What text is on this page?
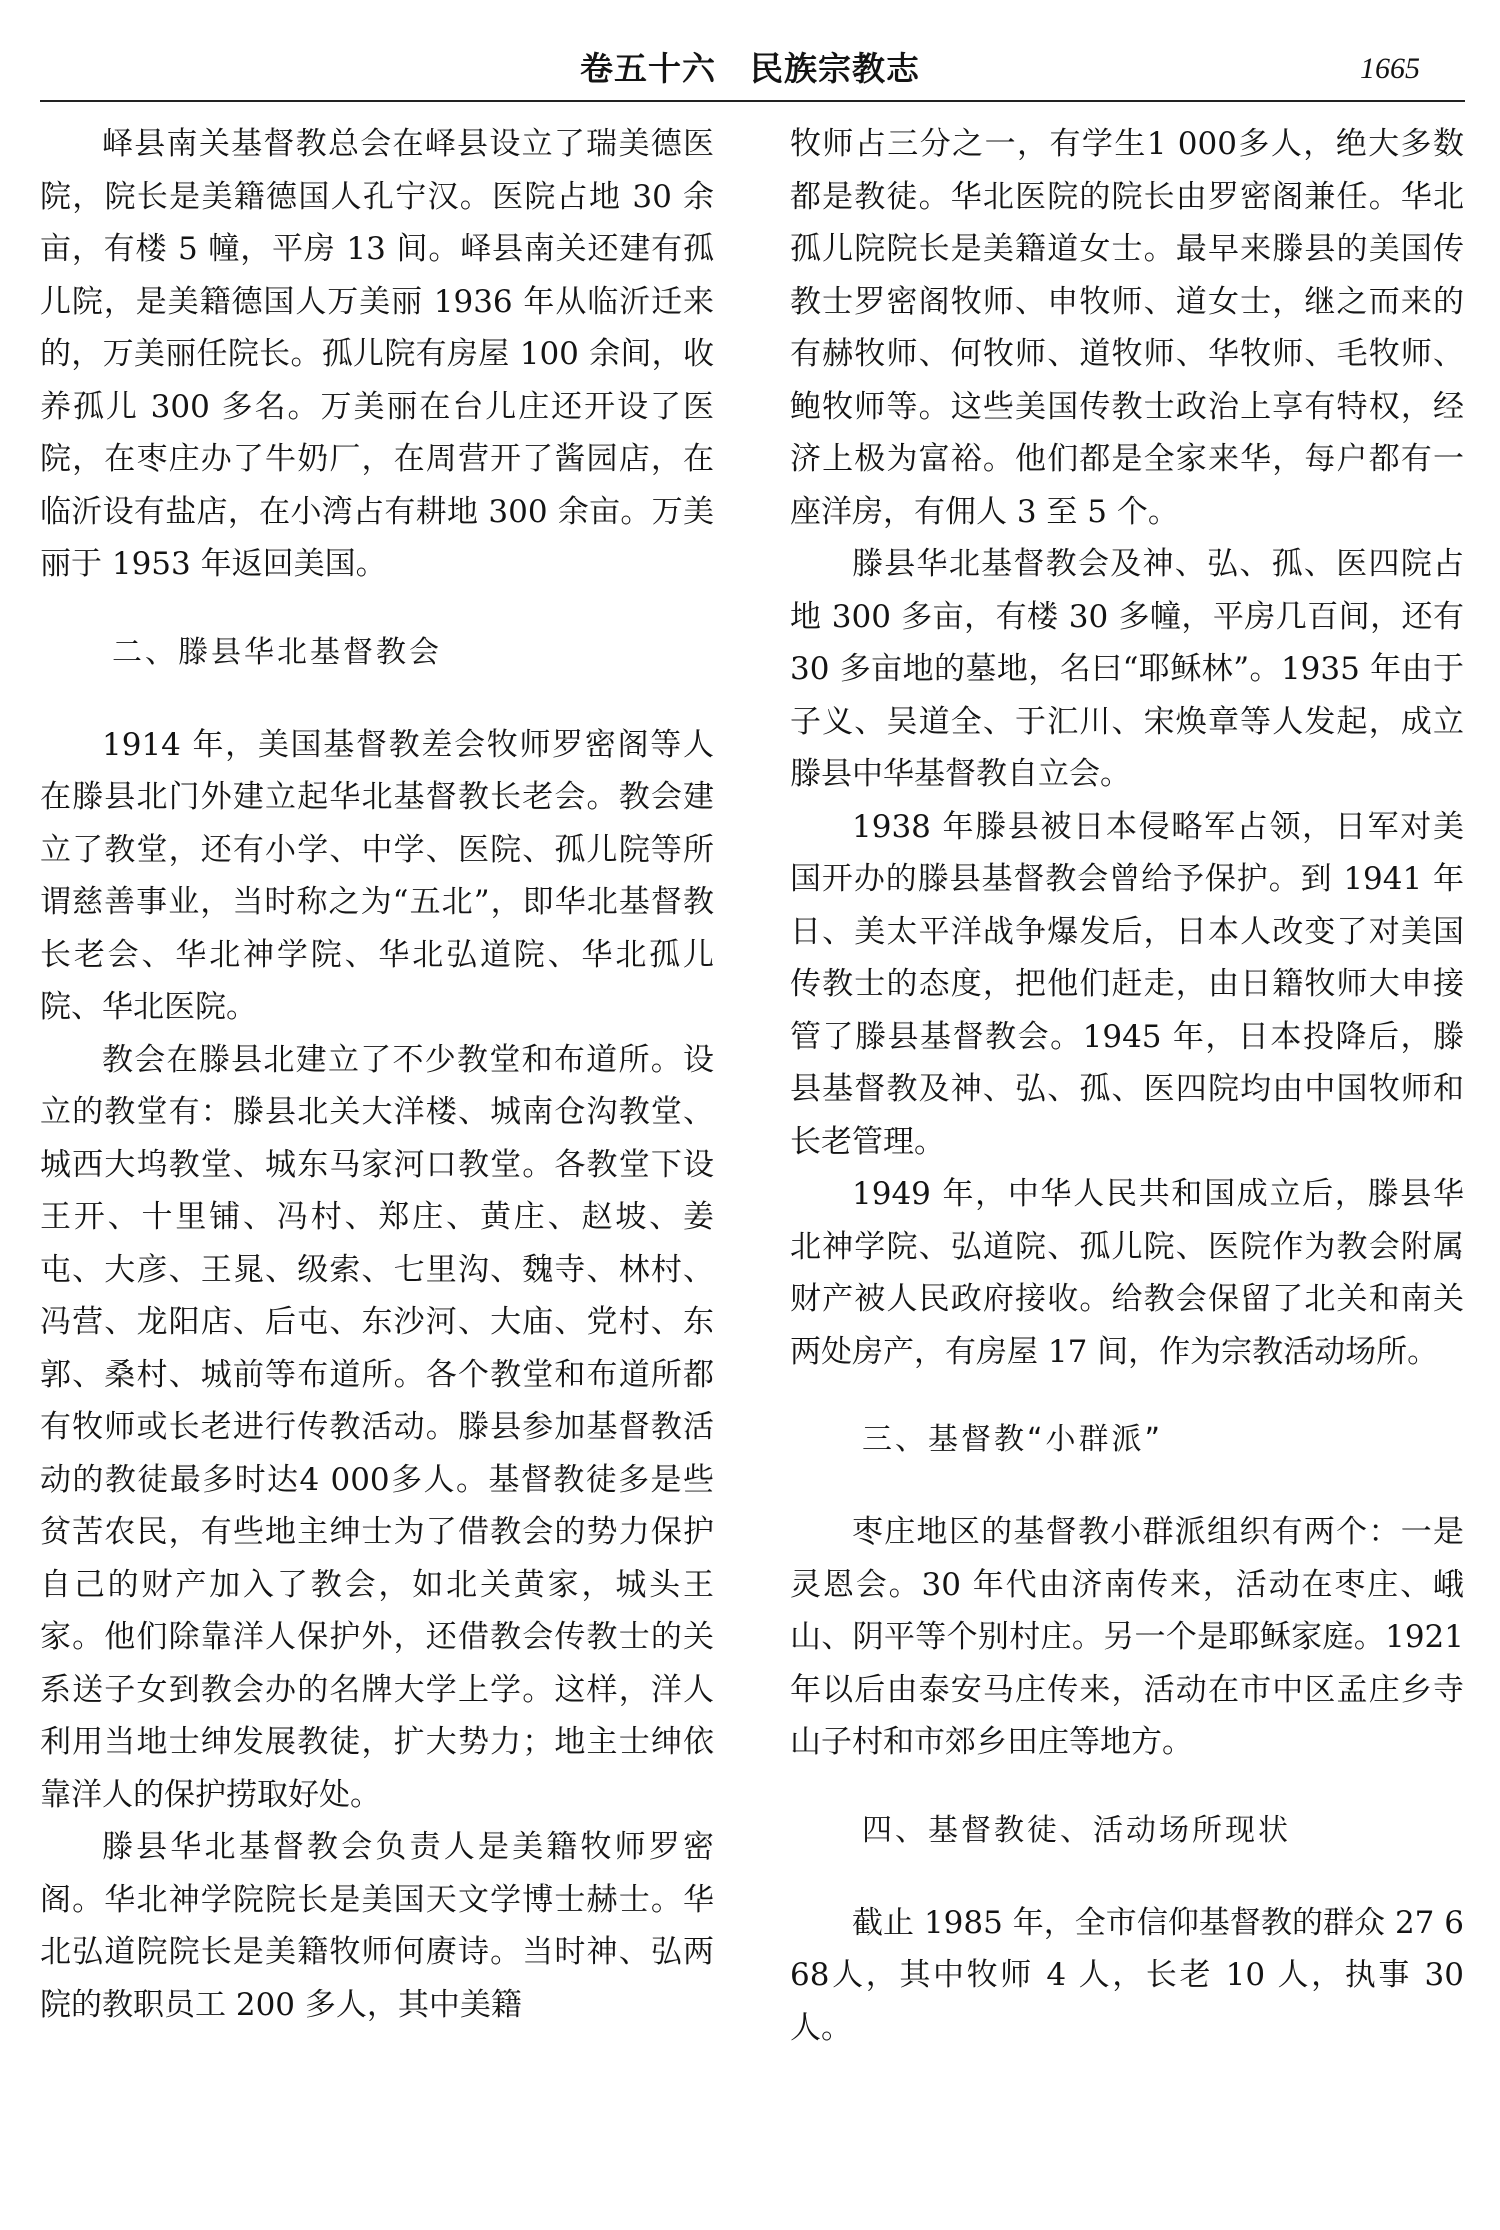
卷五十六　民族宗教志	1665

峄县南关基督教总会在峄县设立了瑞美德医院，院长是美籍德国人孔宁汉。医院占地 30 余亩，有楼 5 幢，平房 13 间。峄县南关还建有孤儿院，是美籍德国人万美丽 1936 年从临沂迁来的，万美丽任院长。孤儿院有房屋 100 余间，收养孤儿 300 多名。万美丽在台儿庄还开设了医院，在枣庄办了牛奶厂，在周营开了酱园店，在临沂设有盐店，在小湾占有耕地 300 余亩。万美丽于 1953 年返回美国。

二、滕县华北基督教会

1914 年，美国基督教差会牧师罗密阁等人在滕县北门外建立起华北基督教长老会。教会建立了教堂，还有小学、中学、医院、孤儿院等所谓慈善事业，当时称之为“五北”，即华北基督教长老会、华北神学院、华北弘道院、华北孤儿院、华北医院。

教会在滕县北建立了不少教堂和布道所。设立的教堂有：滕县北关大洋楼、城南仓沟教堂、城西大坞教堂、城东马家河口教堂。各教堂下设王开、十里铺、冯村、郑庄、黄庄、赵坡、姜屯、大彦、王晁、级索、七里沟、魏寺、林村、冯营、龙阳店、后屯、东沙河、大庙、党村、东郭、桑村、城前等布道所。各个教堂和布道所都有牧师或长老进行传教活动。滕县参加基督教活动的教徒最多时达4 000多人。基督教徒多是些贫苦农民，有些地主绅士为了借教会的势力保护自己的财产加入了教会，如北关黄家，城头王家。他们除靠洋人保护外，还借教会传教士的关系送子女到教会办的名牌大学上学。这样，洋人利用当地士绅发展教徒，扩大势力；地主士绅依靠洋人的保护捞取好处。

滕县华北基督教会负责人是美籍牧师罗密阁。华北神学院院长是美国天文学博士赫士。华北弘道院院长是美籍牧师何赓诗。当时神、弘两院的教职员工 200 多人，其中美籍

牧师占三分之一，有学生1 000多人，绝大多数都是教徒。华北医院的院长由罗密阁兼任。华北孤儿院院长是美籍道女士。最早来滕县的美国传教士罗密阁牧师、申牧师、道女士，继之而来的有赫牧师、何牧师、道牧师、华牧师、毛牧师、鲍牧师等。这些美国传教士政治上享有特权，经济上极为富裕。他们都是全家来华，每户都有一座洋房，有佣人 3 至 5 个。

滕县华北基督教会及神、弘、孤、医四院占地 300 多亩，有楼 30 多幢，平房几百间，还有 30 多亩地的墓地，名曰“耶稣林”。1935 年由于子义、吴道全、于汇川、宋焕章等人发起，成立滕县中华基督教自立会。

1938 年滕县被日本侵略军占领，日军对美国开办的滕县基督教会曾给予保护。到 1941 年日、美太平洋战争爆发后，日本人改变了对美国传教士的态度，把他们赶走，由日籍牧师大申接管了滕县基督教会。1945 年，日本投降后，滕县基督教及神、弘、孤、医四院均由中国牧师和长老管理。

1949 年，中华人民共和国成立后，滕县华北神学院、弘道院、孤儿院、医院作为教会附属财产被人民政府接收。给教会保留了北关和南关两处房产，有房屋 17 间，作为宗教活动场所。

三、基督教“小群派”

枣庄地区的基督教小群派组织有两个：一是灵恩会。30 年代由济南传来，活动在枣庄、峨山、阴平等个别村庄。另一个是耶稣家庭。1921 年以后由泰安马庄传来，活动在市中区孟庄乡寺山子村和市郊乡田庄等地方。

四、基督教徒、活动场所现状

截止 1985 年，全市信仰基督教的群众 27 668人，其中牧师 4 人，长老 10 人，执事 30 人。
